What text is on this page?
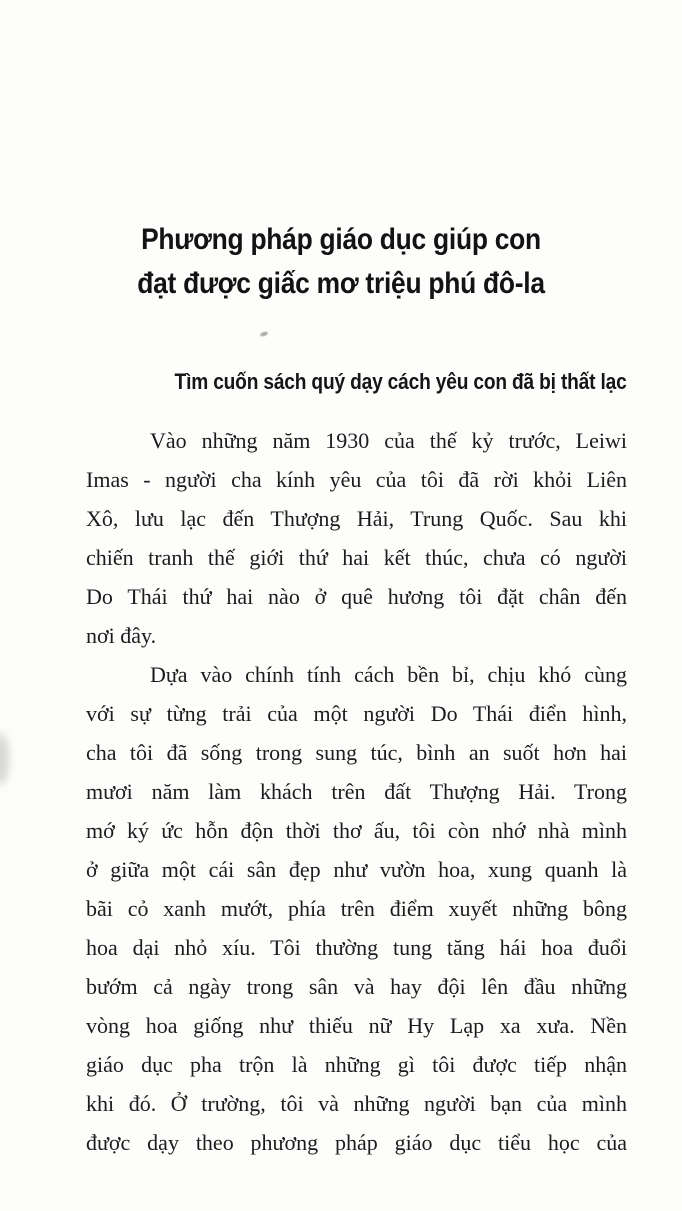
Phương pháp giáo dục giúp con
đạt được giấc mơ triệu phú đô-la
Tìm cuốn sách quý dạy cách yêu con đã bị thất lạc
Vào những năm 1930 của thế kỷ trước, Leiwi
Imas - người cha kính yêu của tôi đã rời khỏi Liên
Xô, lưu lạc đến Thượng Hải, Trung Quốc. Sau khi
chiến tranh thế giới thứ hai kết thúc, chưa có người
Do Thái thứ hai nào ở quê hương tôi đặt chân đến
nơi đây.
Dựa vào chính tính cách bền bỉ, chịu khó cùng
với sự từng trải của một người Do Thái điển hình,
cha tôi đã sống trong sung túc, bình an suốt hơn hai
mươi năm làm khách trên đất Thượng Hải. Trong
mớ ký ức hỗn độn thời thơ ấu, tôi còn nhớ nhà mình
ở giữa một cái sân đẹp như vườn hoa, xung quanh là
bãi cỏ xanh mướt, phía trên điểm xuyết những bông
hoa dại nhỏ xíu. Tôi thường tung tăng hái hoa đuổi
bướm cả ngày trong sân và hay đội lên đầu những
vòng hoa giống như thiếu nữ Hy Lạp xa xưa. Nền
giáo dục pha trộn là những gì tôi được tiếp nhận
khi đó. Ở trường, tôi và những người bạn của mình
được dạy theo phương pháp giáo dục tiểu học của
